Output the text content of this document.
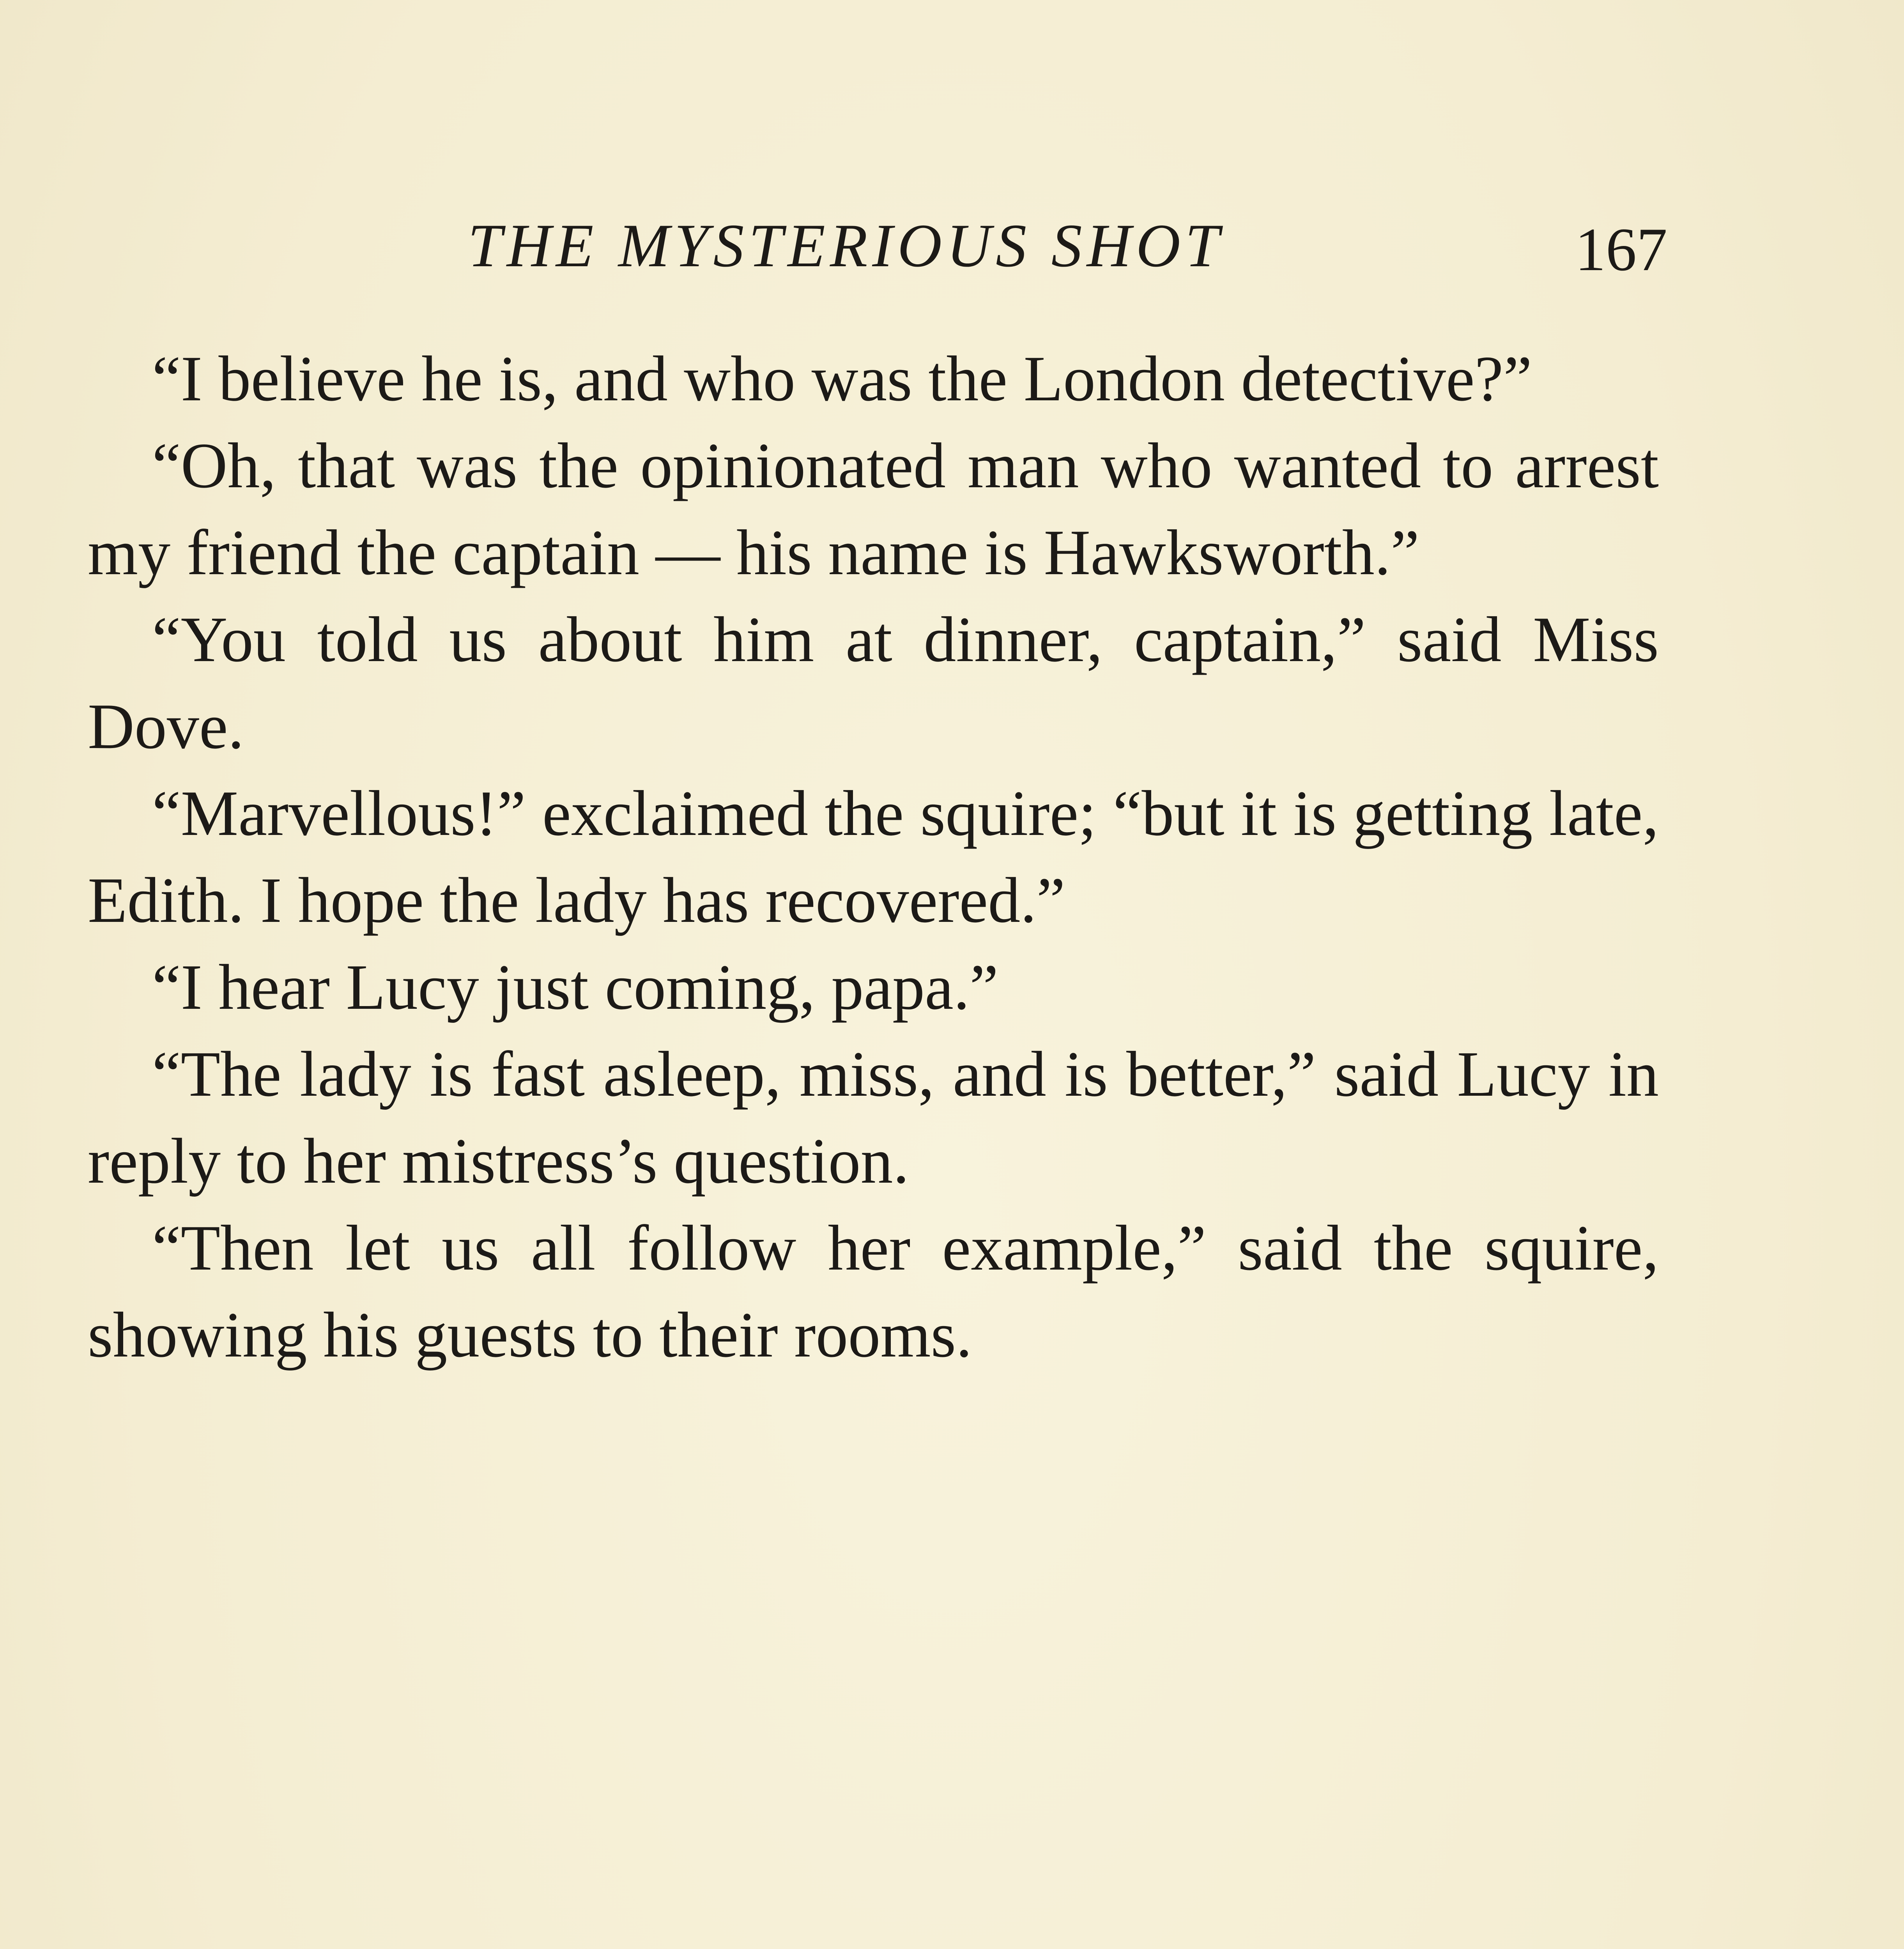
THE MYSTERIOUS SHOT	167

“I believe he is, and who was the London detective?”

“Oh, that was the opinionated man who wanted to arrest my friend the captain — his name is Hawksworth.”

“You told us about him at dinner, captain,” said Miss Dove.

“Marvellous!” exclaimed the squire; “but it is getting late, Edith. I hope the lady has recovered.”

“I hear Lucy just coming, papa.”

“The lady is fast asleep, miss, and is better,” said Lucy in reply to her mistress’s question.

“Then let us all follow her example,” said the squire, showing his guests to their rooms.
